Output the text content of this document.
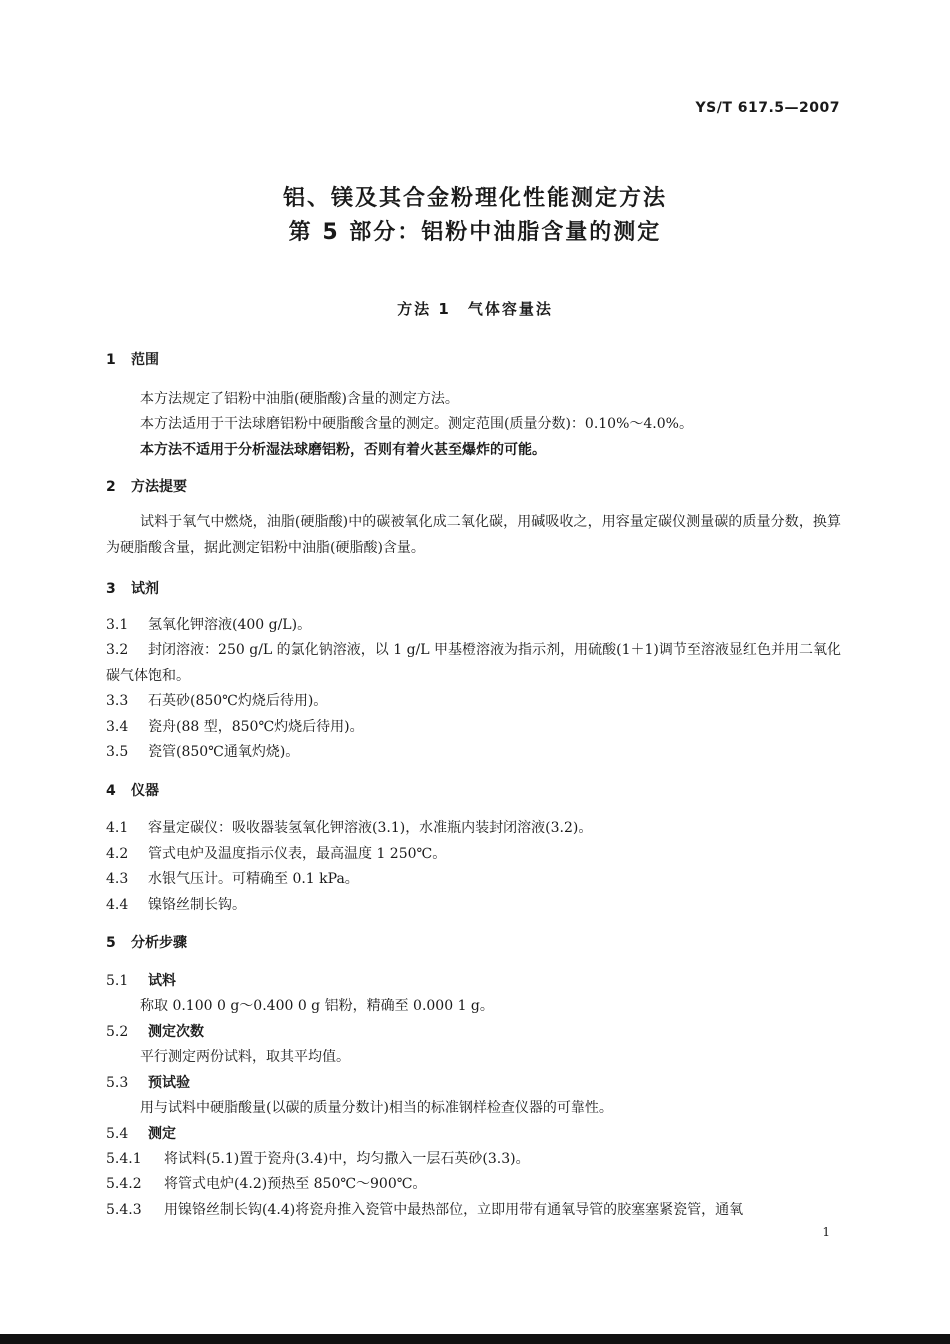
YS/T 617.5—2007
铝、镁及其合金粉理化性能测定方法
第 5 部分：铝粉中油脂含量的测定
方法 1　气体容量法
1 范围
本方法规定了铝粉中油脂(硬脂酸)含量的测定方法。
本方法适用于干法球磨铝粉中硬脂酸含量的测定。测定范围(质量分数)：0.10%～4.0%。
本方法不适用于分析湿法球磨铝粉，否则有着火甚至爆炸的可能。
2 方法提要
试料于氧气中燃烧，油脂(硬脂酸)中的碳被氧化成二氧化碳，用碱吸收之，用容量定碳仪测量碳的质量分数，换算为硬脂酸含量，据此测定铝粉中油脂(硬脂酸)含量。
3 试剂
3.1 氢氧化钾溶液(400 g/L)。
3.2 封闭溶液：250 g/L 的氯化钠溶液，以 1 g/L 甲基橙溶液为指示剂，用硫酸(1＋1)调节至溶液显红色并用二氧化碳气体饱和。
3.3 石英砂(850℃灼烧后待用)。
3.4 瓷舟(88 型，850℃灼烧后待用)。
3.5 瓷管(850℃通氧灼烧)。
4 仪器
4.1 容量定碳仪：吸收器装氢氧化钾溶液(3.1)，水准瓶内装封闭溶液(3.2)。
4.2 管式电炉及温度指示仪表，最高温度 1 250℃。
4.3 水银气压计。可精确至 0.1 kPa。
4.4 镍铬丝制长钩。
5 分析步骤
5.1 试料
称取 0.100 0 g～0.400 0 g 铝粉，精确至 0.000 1 g。
5.2 测定次数
平行测定两份试料，取其平均值。
5.3 预试验
用与试料中硬脂酸量(以碳的质量分数计)相当的标准钢样检查仪器的可靠性。
5.4 测定
5.4.1 将试料(5.1)置于瓷舟(3.4)中，均匀撒入一层石英砂(3.3)。
5.4.2 将管式电炉(4.2)预热至 850℃～900℃。
5.4.3 用镍铬丝制长钩(4.4)将瓷舟推入瓷管中最热部位，立即用带有通氧导管的胶塞塞紧瓷管，通氧
1
